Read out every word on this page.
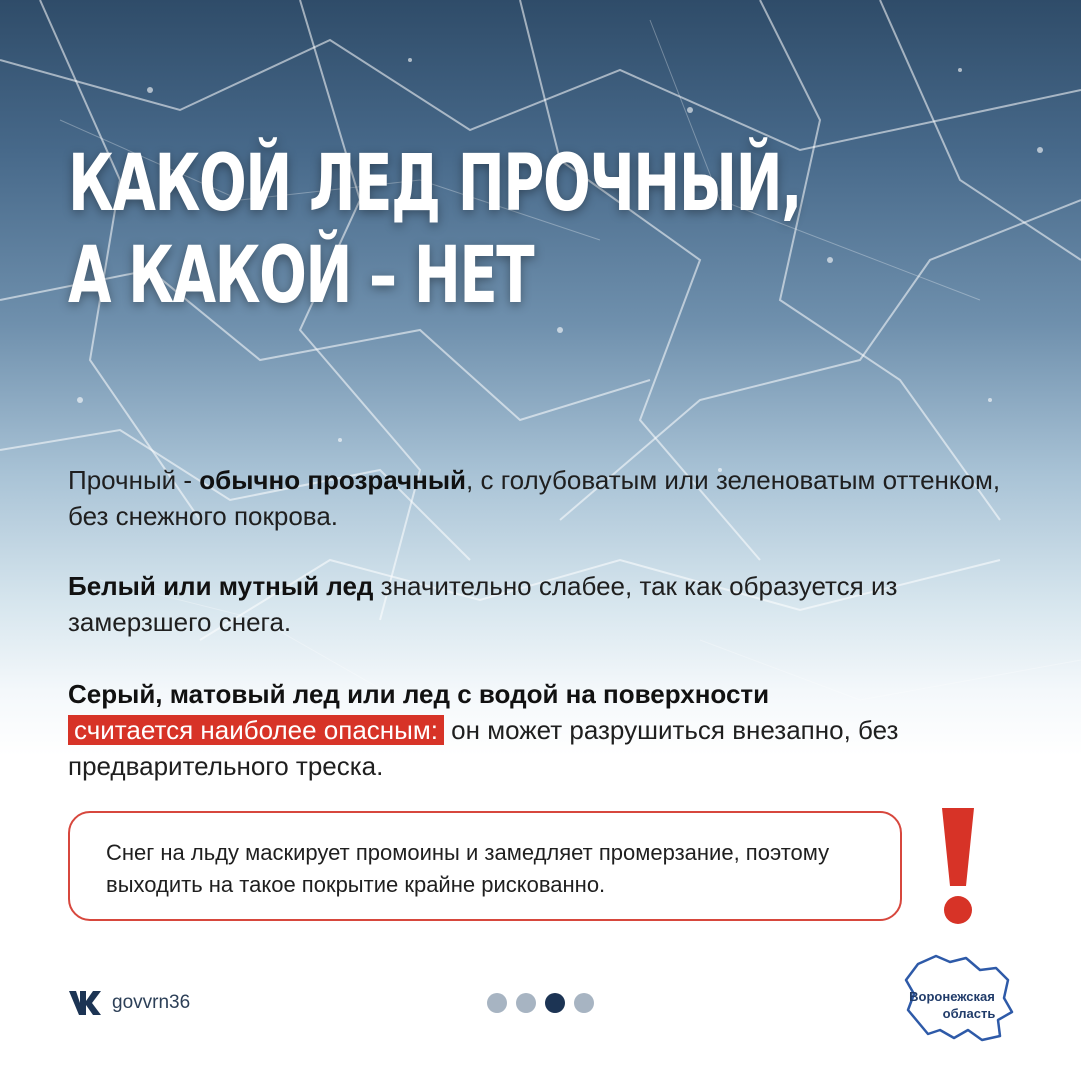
КАКОЙ ЛЕД ПРОЧНЫЙ,
А КАКОЙ – НЕТ

Прочный - обычно прозрачный, с голубоватым или зеленоватым оттенком, без снежного покрова.

Белый или мутный лед значительно слабее, так как образуется из замерзшего снега.

Серый, матовый лед или лед с водой на поверхности
считается наиболее опасным: он может разрушиться внезапно, без предварительного треска.

Снег на льду маскирует промоины и замедляет промерзание, поэтому выходить на такое покрытие крайне рискованно.

govvrn36	Воронежская
область
